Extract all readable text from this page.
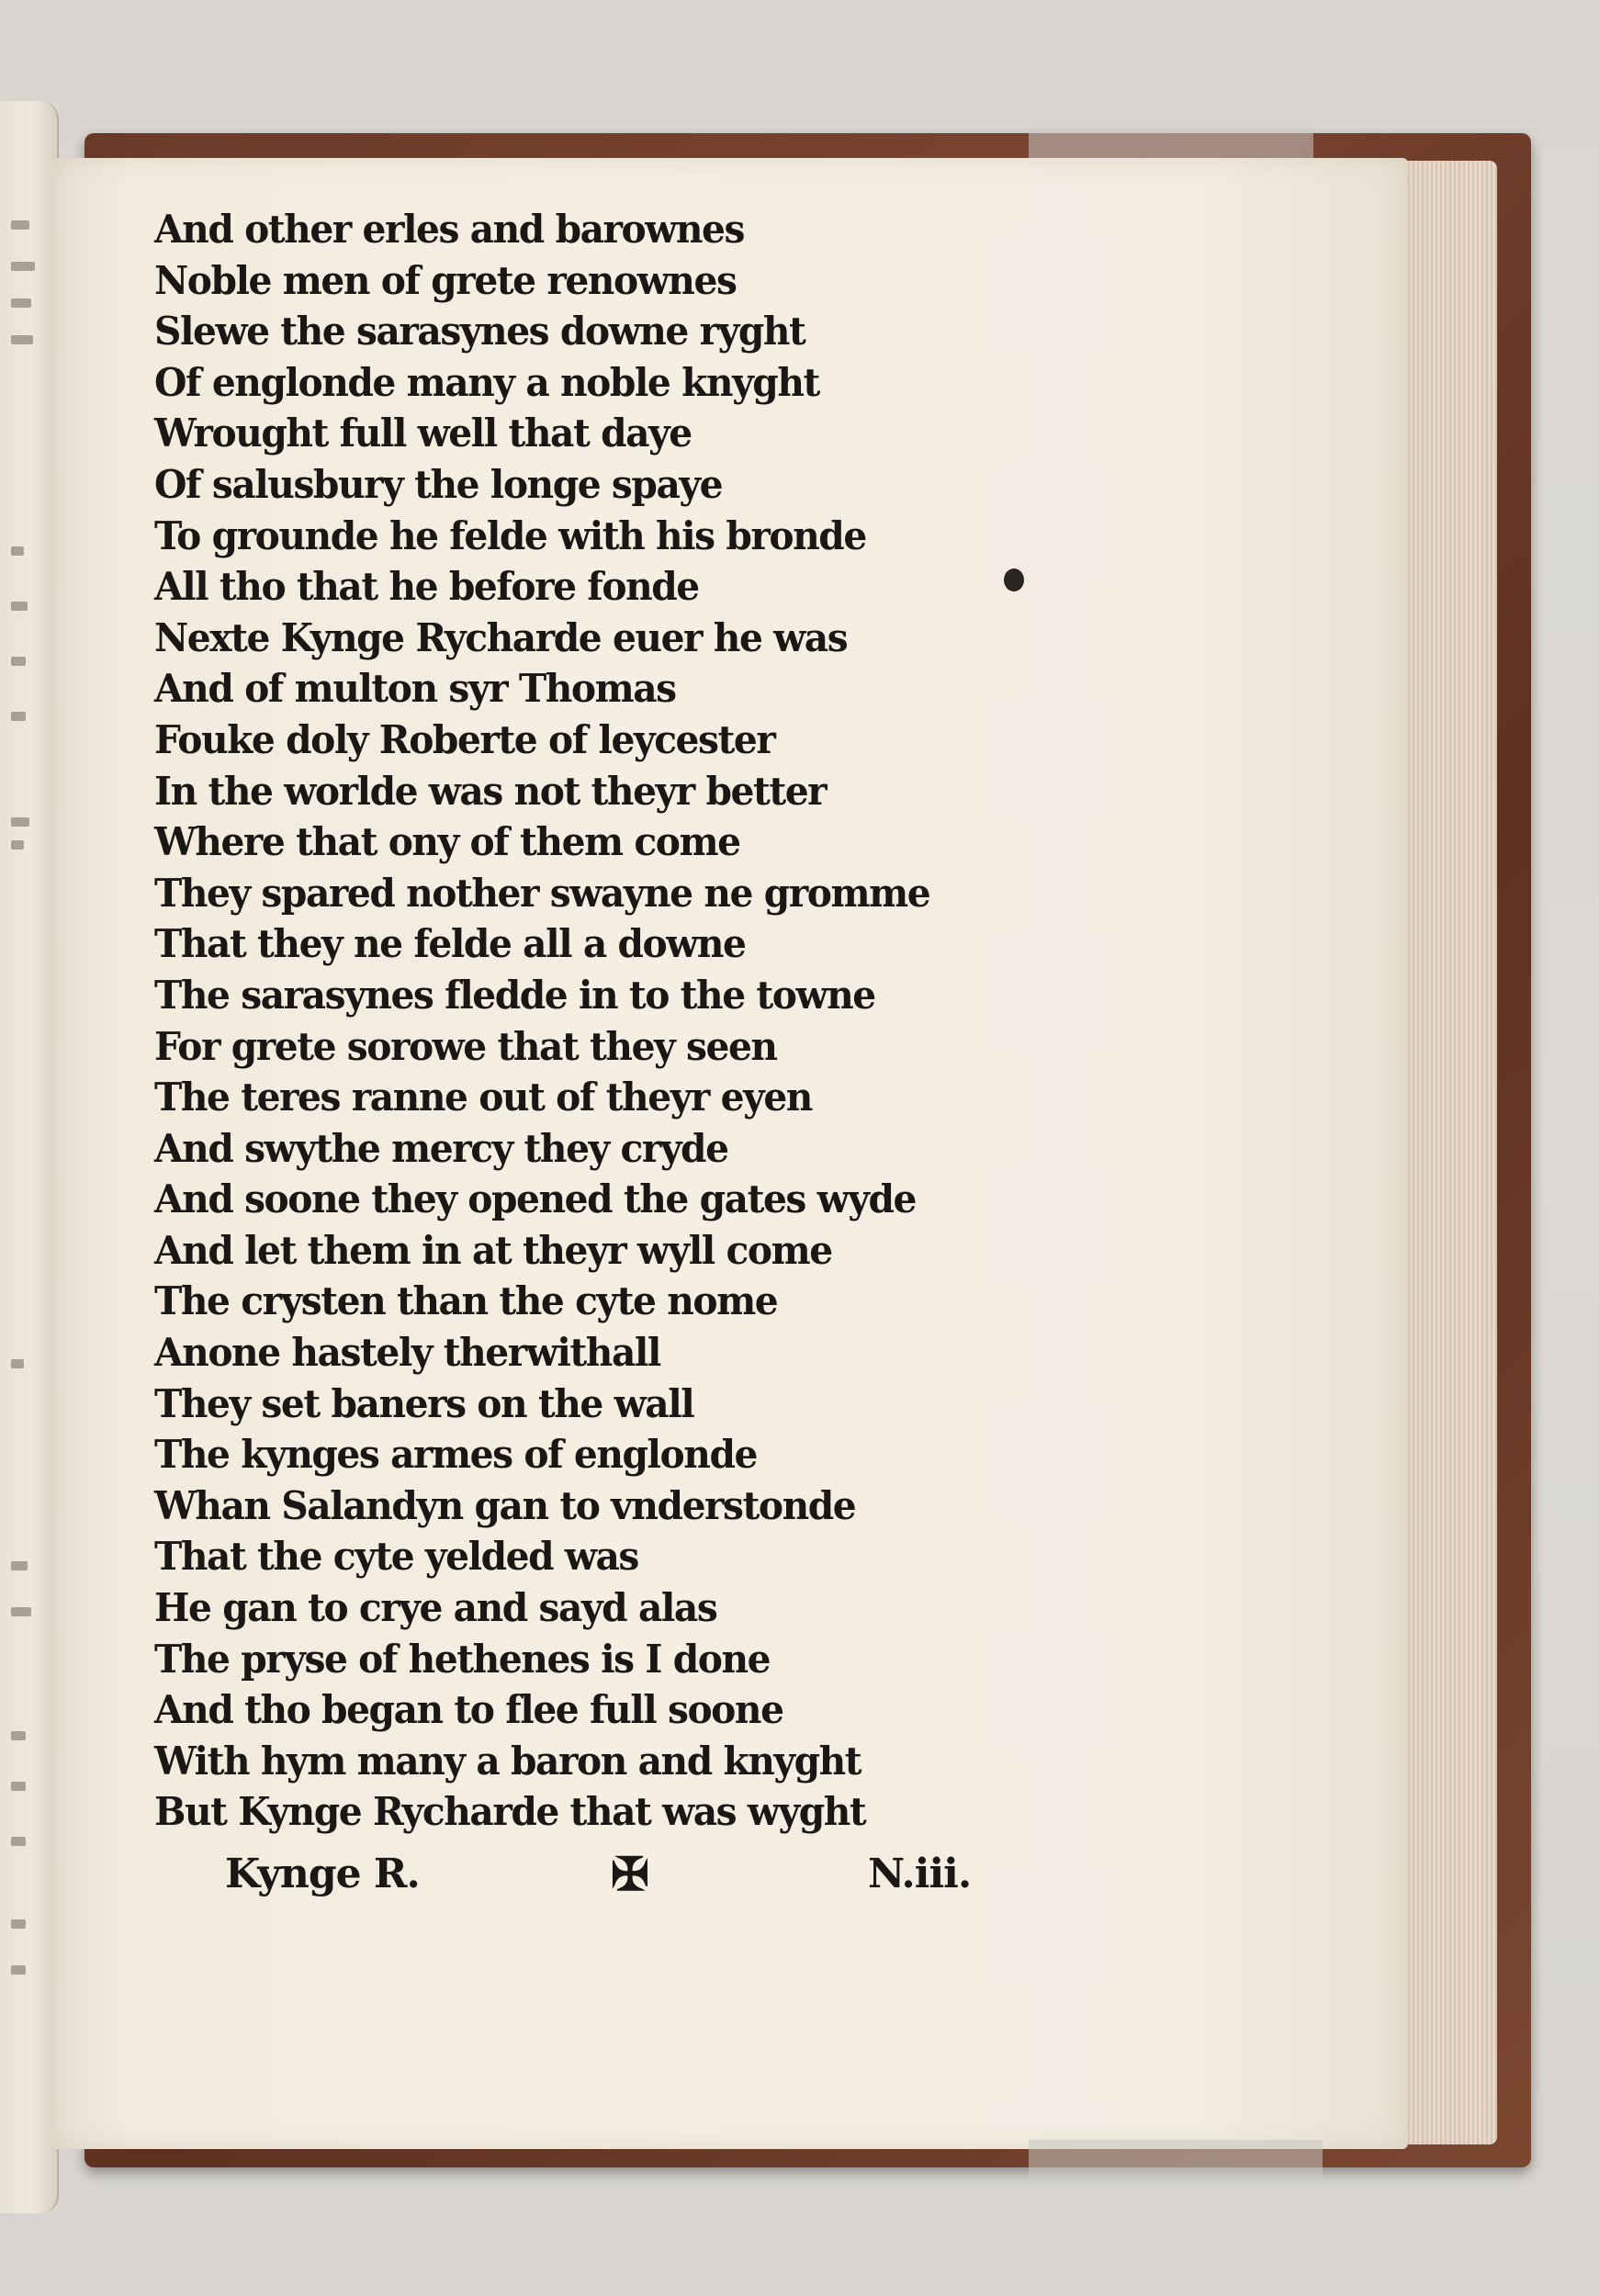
And other erles and barownes
Noble men of grete renownes
Slewe the sarasynes downe ryght
Of englonde many a noble knyght
Wrought full well that daye
Of salusbury the longe spaye
To grounde he felde with his bronde
All tho that he before fonde
Nexte Kynge Rycharde euer he was
And of multon syr Thomas
Fouke doly Roberte of leycester
In the worlde was not theyr better
Where that ony of them come
They spared nother swayne ne gromme
That they ne felde all a downe
The sarasynes fledde in to the towne
For grete sorowe that they seen
The teres ranne out of theyr eyen
And swythe mercy they cryde
And soone they opened the gates wyde
And let them in at theyr wyll come
The crysten than the cyte nome
Anone hastely therwithall
They set baners on the wall
The kynges armes of englonde
Whan Salandyn gan to vnderstonde
That the cyte yelded was
He gan to crye and sayd alas
The pryse of hethenes is I done
And tho began to flee full soone
With hym many a baron and knyght
But Kynge Rycharde that was wyght
Kynge R.	✠	N.iii.
